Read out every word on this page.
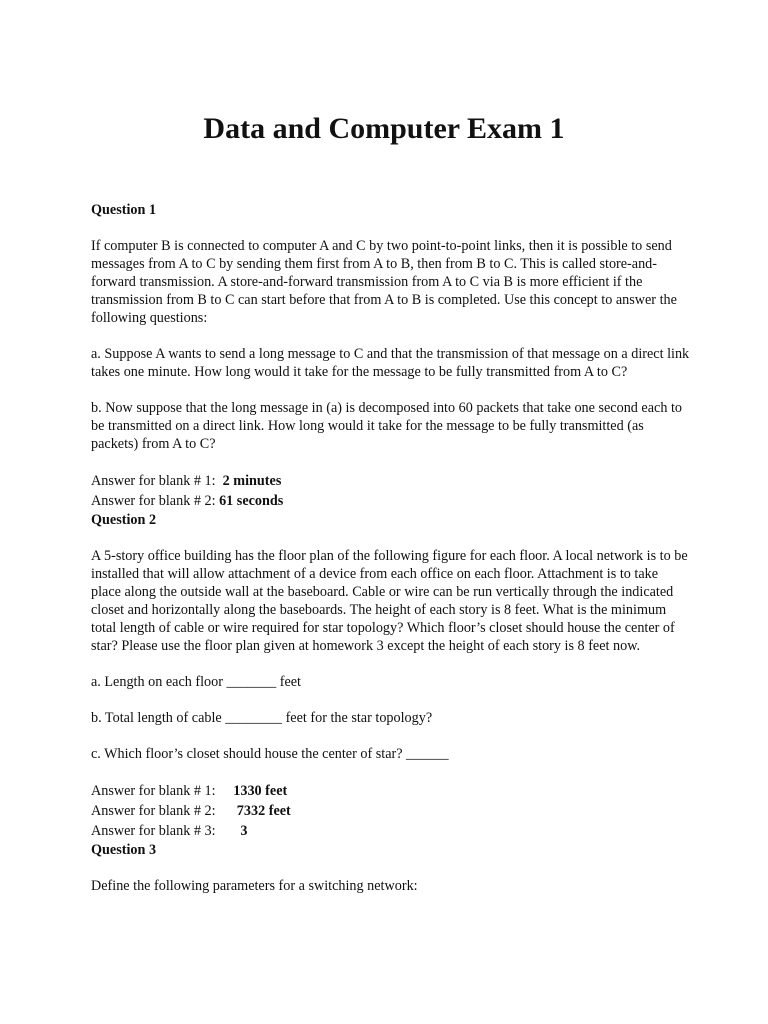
Data and Computer Exam 1

Question 1

If computer B is connected to computer A and C by two point-to-point links, then it is possible to send messages from A to C by sending them first from A to B, then from B to C. This is called store-and-forward transmission. A store-and-forward transmission from A to C via B is more efficient if the transmission from B to C can start before that from A to B is completed. Use this concept to answer the following questions:

a. Suppose A wants to send a long message to C and that the transmission of that message on a direct link takes one minute. How long would it take for the message to be fully transmitted from A to C?

b. Now suppose that the long message in (a) is decomposed into 60 packets that take one second each to be transmitted on a direct link. How long would it take for the message to be fully transmitted (as packets) from A to C?

Answer for blank # 1: 2 minutes
Answer for blank # 2: 61 seconds

Question 2

A 5-story office building has the floor plan of the following figure for each floor. A local network is to be installed that will allow attachment of a device from each office on each floor. Attachment is to take place along the outside wall at the baseboard. Cable or wire can be run vertically through the indicated closet and horizontally along the baseboards. The height of each story is 8 feet. What is the minimum total length of cable or wire required for star topology? Which floor’s closet should house the center of star? Please use the floor plan given at homework 3 except the height of each story is 8 feet now.

a. Length on each floor _______ feet

b. Total length of cable ________ feet for the star topology?

c. Which floor’s closet should house the center of star? ______

Answer for blank # 1: 1330 feet
Answer for blank # 2: 7332 feet
Answer for blank # 3: 3

Question 3

Define the following parameters for a switching network:
